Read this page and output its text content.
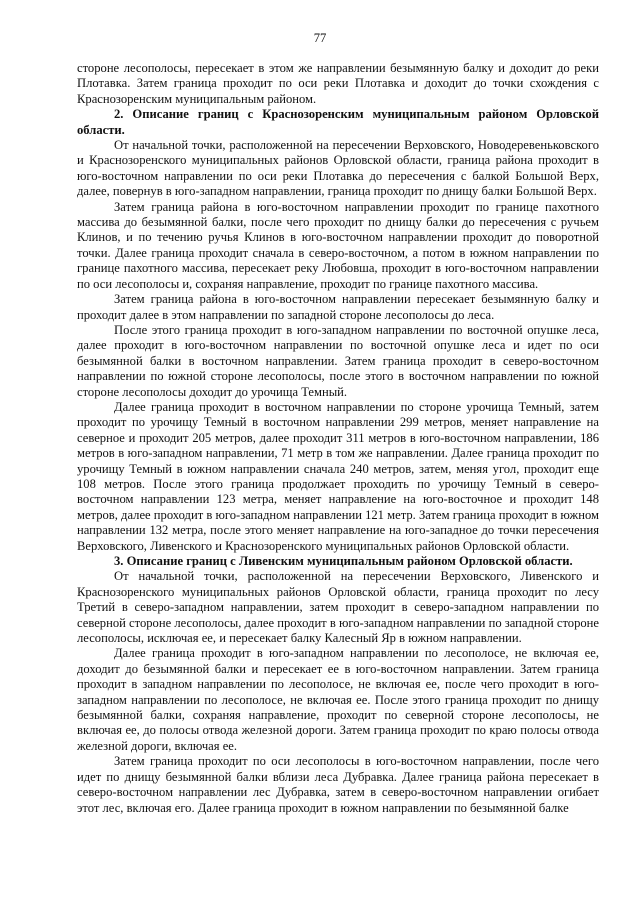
77

стороне лесополосы, пересекает в этом же направлении безымянную балку и доходит до реки Плотавка. Затем граница проходит по оси реки Плотавка и доходит до точки схождения с Краснозоренским муниципальным районом.

2. Описание границ с Краснозоренским муниципальным районом Орловской области.

От начальной точки, расположенной на пересечении Верховского, Новодеревеньковского и Краснозоренского муниципальных районов Орловской области, граница района проходит в юго-восточном направлении по оси реки Плотавка до пересечения с балкой Большой Верх, далее, повернув в юго-западном направлении, граница проходит по днищу балки Большой Верх.

Затем граница района в юго-восточном направлении проходит по границе пахотного массива до безымянной балки, после чего проходит по днищу балки до пересечения с ручьем Клинов, и по течению ручья Клинов в юго-восточном направлении проходит до поворотной точки. Далее граница проходит сначала в северо-восточном, а потом в южном направлении по границе пахотного массива, пересекает реку Любовша, проходит в юго-восточном направлении по оси лесополосы и, сохраняя направление, проходит по границе пахотного массива.

Затем граница района в юго-восточном направлении пересекает безымянную балку и проходит далее в этом направлении по западной стороне лесополосы до леса.

После этого граница проходит в юго-западном направлении по восточной опушке леса, далее проходит в юго-восточном направлении по восточной опушке леса и идет по оси безымянной балки в восточном направлении. Затем граница проходит в северо-восточном направлении по южной стороне лесополосы, после этого в восточном направлении по южной стороне лесополосы доходит до урочища Темный.

Далее граница проходит в восточном направлении по стороне урочища Темный, затем проходит по урочищу Темный в восточном направлении 299 метров, меняет направление на северное и проходит 205 метров, далее проходит 311 метров в юго-восточном направлении, 186 метров в юго-западном направлении, 71 метр в том же направлении. Далее граница проходит по урочищу Темный в южном направлении сначала 240 метров, затем, меняя угол, проходит еще 108 метров. После этого граница продолжает проходить по урочищу Темный в северо-восточном направлении 123 метра, меняет направление на юго-восточное и проходит 148 метров, далее проходит в юго-западном направлении 121 метр. Затем граница проходит в южном направлении 132 метра, после этого меняет направление на юго-западное до точки пересечения Верховского, Ливенского и Краснозоренского муниципальных районов Орловской области.

3. Описание границ с Ливенским муниципальным районом Орловской области.

От начальной точки, расположенной на пересечении Верховского, Ливенского и Краснозоренского муниципальных районов Орловской области, граница проходит по лесу Третий в северо-западном направлении, затем проходит в северо-западном направлении по северной стороне лесополосы, далее проходит в юго-западном направлении по западной стороне лесополосы, исключая ее, и пересекает балку Калесный Яр в южном направлении.

Далее граница проходит в юго-западном направлении по лесополосе, не включая ее, доходит до безымянной балки и пересекает ее в юго-восточном направлении. Затем граница проходит в западном направлении по лесополосе, не включая ее, после чего проходит в юго-западном направлении по лесополосе, не включая ее. После этого граница проходит по днищу безымянной балки, сохраняя направление, проходит по северной стороне лесополосы, не включая ее, до полосы отвода железной дороги. Затем граница проходит по краю полосы отвода железной дороги, включая ее.

Затем граница проходит по оси лесополосы в юго-восточном направлении, после чего идет по днищу безымянной балки вблизи леса Дубравка. Далее граница района пересекает в северо-восточном направлении лес Дубравка, затем в северо-восточном направлении огибает этот лес, включая его. Далее граница проходит в южном направлении по безымянной балке
